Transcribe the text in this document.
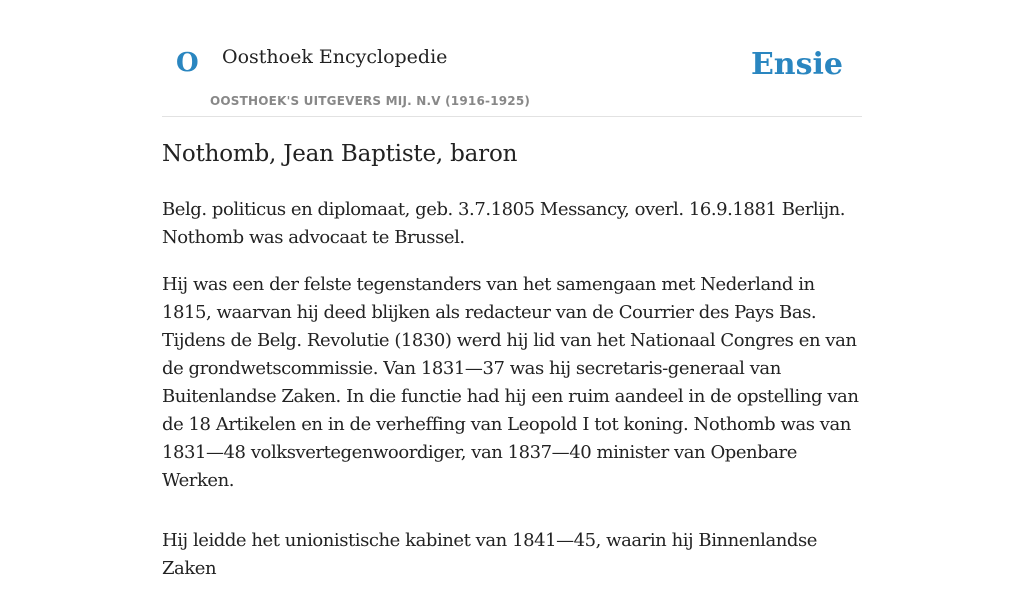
O Oosthoek Encyclopedie
OOSTHOEK'S UITGEVERS MIJ. N.V (1916-1925)
Ensie
Nothomb, Jean Baptiste, baron

Belg. politicus en diplomaat, geb. 3.7.1805 Messancy, overl. 16.9.1881 Berlijn. Nothomb was advocaat te Brussel.

Hij was een der felste tegenstanders van het samengaan met Nederland in 1815, waarvan hij deed blijken als redacteur van de Courrier des Pays Bas. Tijdens de Belg. Revolutie (1830) werd hij lid van het Nationaal Congres en van de grondwetscommissie. Van 1831—37 was hij secretaris-generaal van Buitenlandse Zaken. In die functie had hij een ruim aandeel in de opstelling van de 18 Artikelen en in de verheffing van Leopold I tot koning. Nothomb was van 1831—48 volksvertegenwoordiger, van 1837—40 minister van Openbare Werken.

Hij leidde het unionistische kabinet van 1841—45, waarin hij Binnenlandse Zaken
